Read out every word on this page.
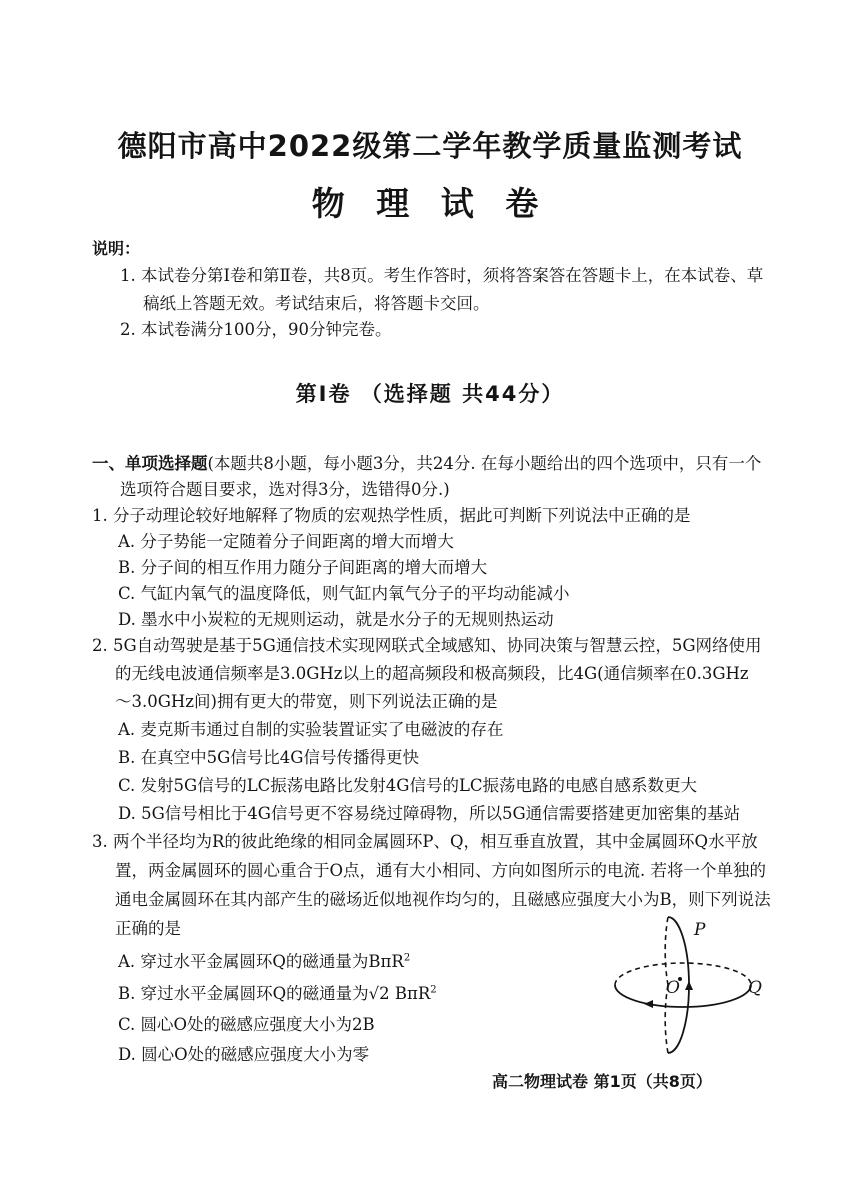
德阳市高中2022级第二学年教学质量监测考试
物 理 试 卷
说明：
1. 本试卷分第Ⅰ卷和第Ⅱ卷，共8页。考生作答时，须将答案答在答题卡上，在本试卷、草
稿纸上答题无效。考试结束后，将答题卡交回。
2. 本试卷满分100分，90分钟完卷。
第Ⅰ卷 （选择题 共44分）
一、单项选择题(本题共8小题，每小题3分，共24分. 在每小题给出的四个选项中，只有一个
选项符合题目要求，选对得3分，选错得0分.)
1. 分子动理论较好地解释了物质的宏观热学性质，据此可判断下列说法中正确的是
A. 分子势能一定随着分子间距离的增大而增大
B. 分子间的相互作用力随分子间距离的增大而增大
C. 气缸内氧气的温度降低，则气缸内氧气分子的平均动能减小
D. 墨水中小炭粒的无规则运动，就是水分子的无规则热运动
2. 5G自动驾驶是基于5G通信技术实现网联式全域感知、协同决策与智慧云控，5G网络使用
的无线电波通信频率是3.0GHz以上的超高频段和极高频段，比4G(通信频率在0.3GHz
～3.0GHz间)拥有更大的带宽，则下列说法正确的是
A. 麦克斯韦通过自制的实验装置证实了电磁波的存在
B. 在真空中5G信号比4G信号传播得更快
C. 发射5G信号的LC振荡电路比发射4G信号的LC振荡电路的电感自感系数更大
D. 5G信号相比于4G信号更不容易绕过障碍物，所以5G通信需要搭建更加密集的基站
3. 两个半径均为R的彼此绝缘的相同金属圆环P、Q，相互垂直放置，其中金属圆环Q水平放
置，两金属圆环的圆心重合于O点，通有大小相同、方向如图所示的电流. 若将一个单独的
通电金属圆环在其内部产生的磁场近似地视作均匀的，且磁感应强度大小为B，则下列说法
正确的是
A. 穿过水平金属圆环Q的磁通量为BπR$^2$
B. 穿过水平金属圆环Q的磁通量为√2 BπR$^2$
C. 圆心O处的磁感应强度大小为2B
D. 圆心O处的磁感应强度大小为零
O
P
Q
高二物理试卷 第1页（共8页）
